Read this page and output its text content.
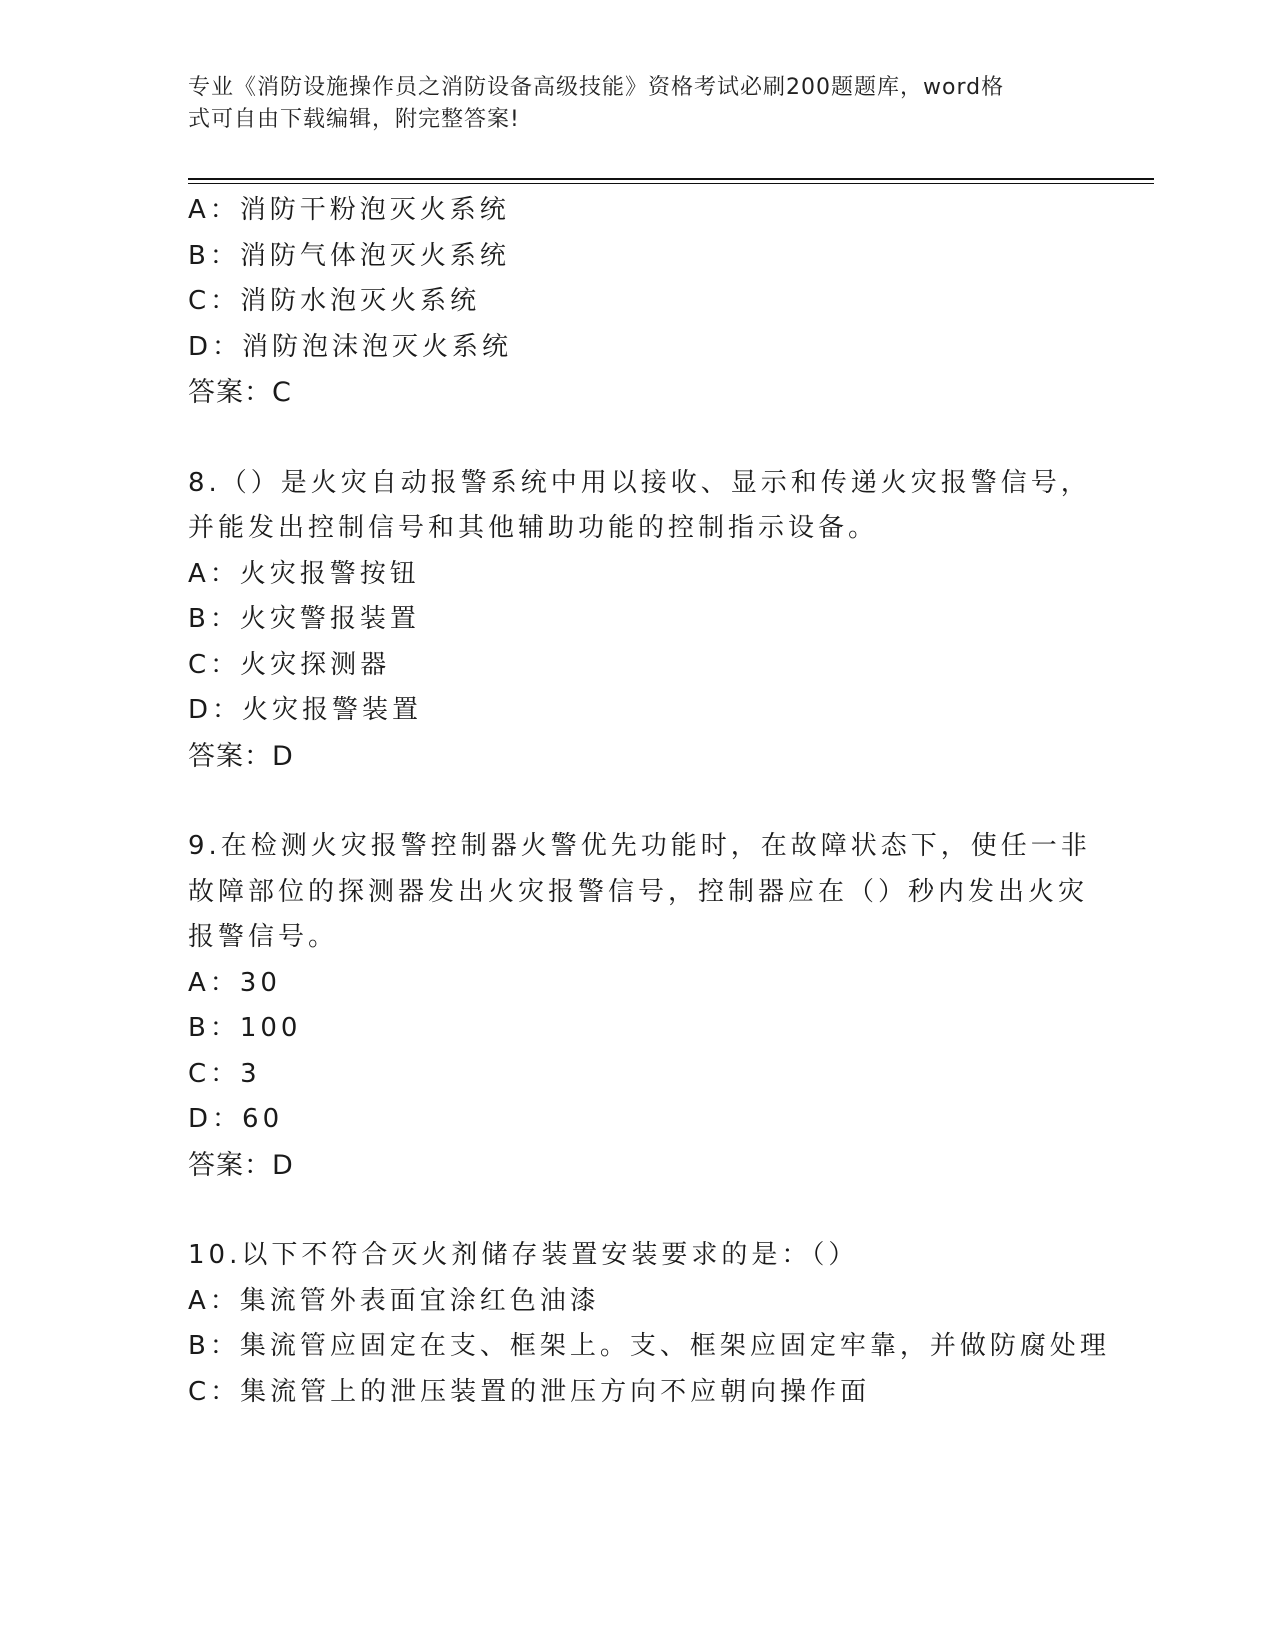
专业《消防设施操作员之消防设备高级技能》资格考试必刷200题题库，word格
式可自由下载编辑，附完整答案!
A：消防干粉泡灭火系统
B：消防气体泡灭火系统
C：消防水泡灭火系统
D：消防泡沫泡灭火系统
答案：C
8.（）是火灾自动报警系统中用以接收、显示和传递火灾报警信号，
并能发出控制信号和其他辅助功能的控制指示设备。
A：火灾报警按钮
B：火灾警报装置
C：火灾探测器
D：火灾报警装置
答案：D
9.在检测火灾报警控制器火警优先功能时，在故障状态下，使任一非
故障部位的探测器发出火灾报警信号，控制器应在（）秒内发出火灾
报警信号。
A：30
B：100
C：3
D：60
答案：D
10.以下不符合灭火剂储存装置安装要求的是：（）
A：集流管外表面宜涂红色油漆
B：集流管应固定在支、框架上。支、框架应固定牢靠，并做防腐处理
C：集流管上的泄压装置的泄压方向不应朝向操作面
